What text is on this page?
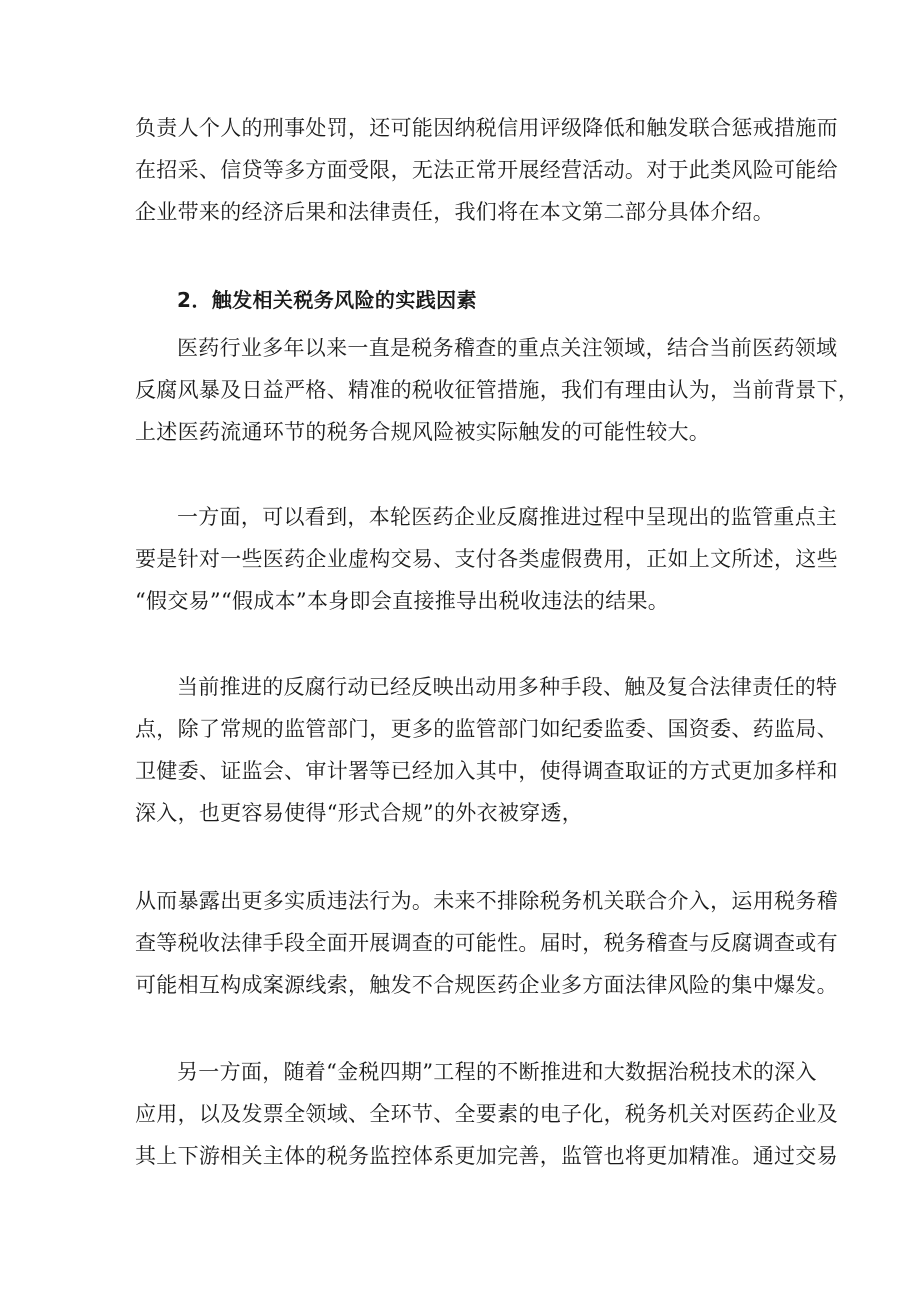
负责人个人的刑事处罚，还可能因纳税信用评级降低和触发联合惩戒措施而
在招采、信贷等多方面受限，无法正常开展经营活动。对于此类风险可能给
企业带来的经济后果和法律责任，我们将在本文第二部分具体介绍。

2．触发相关税务风险的实践因素

医药行业多年以来一直是税务稽查的重点关注领域，结合当前医药领域
反腐风暴及日益严格、精准的税收征管措施，我们有理由认为，当前背景下，
上述医药流通环节的税务合规风险被实际触发的可能性较大。

一方面，可以看到，本轮医药企业反腐推进过程中呈现出的监管重点主
要是针对一些医药企业虚构交易、支付各类虚假费用，正如上文所述，这些
“假交易”“假成本”本身即会直接推导出税收违法的结果。

当前推进的反腐行动已经反映出动用多种手段、触及复合法律责任的特
点，除了常规的监管部门，更多的监管部门如纪委监委、国资委、药监局、
卫健委、证监会、审计署等已经加入其中，使得调查取证的方式更加多样和
深入，也更容易使得“形式合规”的外衣被穿透，

从而暴露出更多实质违法行为。未来不排除税务机关联合介入，运用税务稽
查等税收法律手段全面开展调查的可能性。届时，税务稽查与反腐调查或有
可能相互构成案源线索，触发不合规医药企业多方面法律风险的集中爆发。

另一方面，随着“金税四期”工程的不断推进和大数据治税技术的深入
应用，以及发票全领域、全环节、全要素的电子化，税务机关对医药企业及
其上下游相关主体的税务监控体系更加完善，监管也将更加精准。通过交易
